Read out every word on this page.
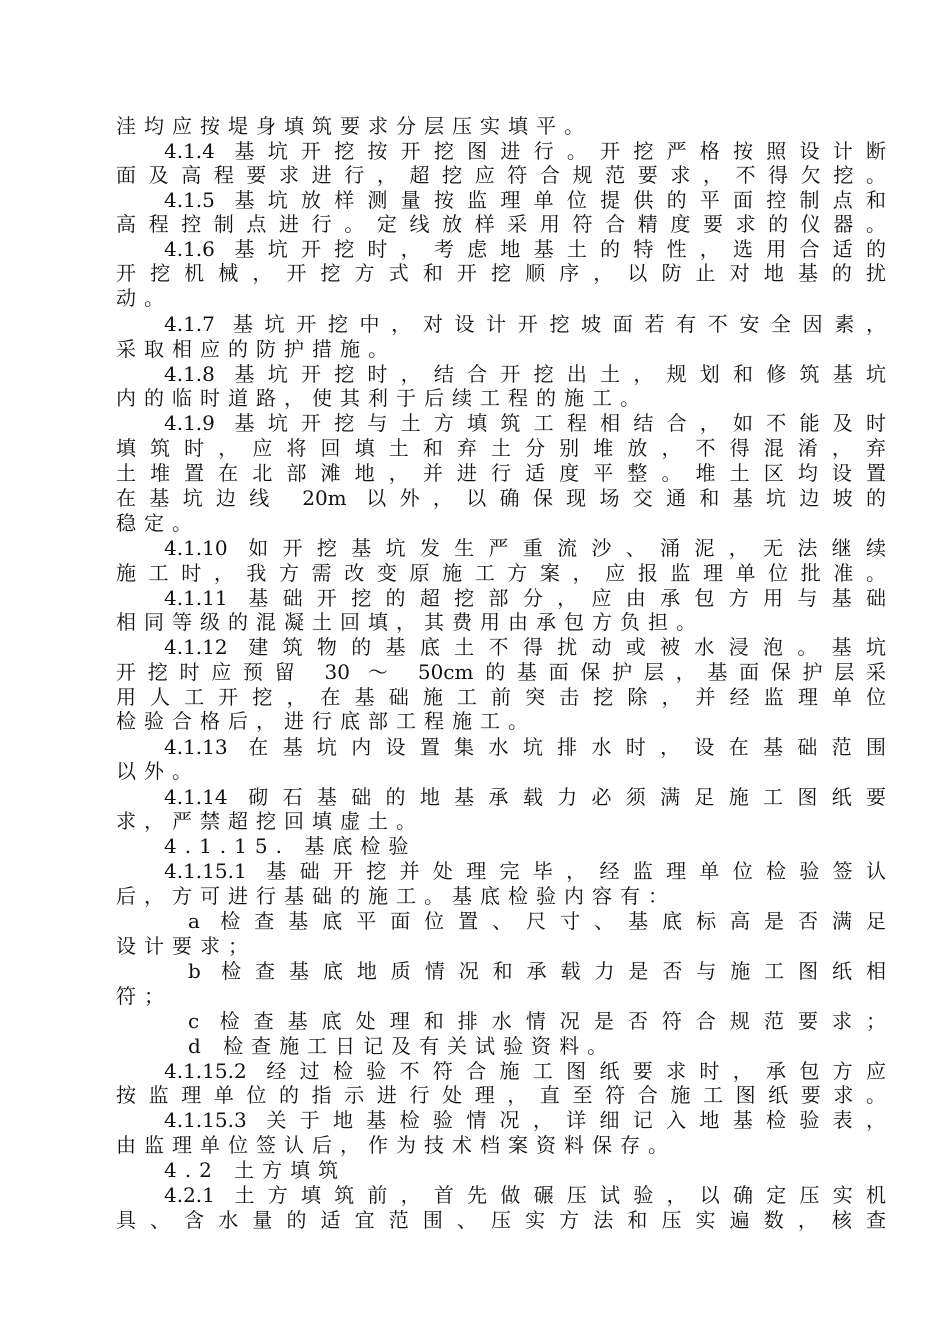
洼均应按堤身填筑要求分层压实填平。
4.1.4 基坑开挖按开挖图进行。开挖严格按照设计断
面及高程要求进行，超挖应符合规范要求，不得欠挖。
4.1.5 基坑放样测量按监理单位提供的平面控制点和
高程控制点进行。定线放样采用符合精度要求的仪器。
4.1.6 基坑开挖时，考虑地基土的特性，选用合适的
开挖机械，开挖方式和开挖顺序，以防止对地基的扰
动。
4.1.7 基坑开挖中，对设计开挖坡面若有不安全因素，
采取相应的防护措施。
4.1.8 基坑开挖时，结合开挖出土，规划和修筑基坑
内的临时道路，使其利于后续工程的施工。
4.1.9 基坑开挖与土方填筑工程相结合，如不能及时
填筑时，应将回填土和弃土分别堆放，不得混淆，弃
土堆置在北部滩地，并进行适度平整。堆土区均设置
在基坑边线 20m 以外，以确保现场交通和基坑边坡的
稳定。
4.1.10 如开挖基坑发生严重流沙、涌泥，无法继续
施工时，我方需改变原施工方案，应报监理单位批准。
4.1.11 基础开挖的超挖部分，应由承包方用与基础
相同等级的混凝土回填，其费用由承包方负担。
4.1.12 建筑物的基底土不得扰动或被水浸泡。基坑
开挖时应预留 30 ～ 50cm的基面保护层，基面保护层采
用人工开挖，在基础施工前突击挖除，并经监理单位
检验合格后，进行底部工程施工。
4.1.13 在基坑内设置集水坑排水时，设在基础范围
以外。
4.1.14 砌石基础的地基承载力必须满足施工图纸要
求，严禁超挖回填虚土。
4.1.15. 基底检验
4.1.15.1 基础开挖并处理完毕，经监理单位检验签认
后，方可进行基础的施工。基底检验内容有：
a 检查基底平面位置、尺寸、基底标高是否满足
设计要求；
b 检查基底地质情况和承载力是否与施工图纸相
符；
c 检查基底处理和排水情况是否符合规范要求；
d 检查施工日记及有关试验资料。
4.1.15.2 经过检验不符合施工图纸要求时，承包方应
按监理单位的指示进行处理，直至符合施工图纸要求。
4.1.15.3 关于地基检验情况，详细记入地基检验表，
由监理单位签认后，作为技术档案资料保存。
4.2 土方填筑
4.2.1 土方填筑前，首先做碾压试验，以确定压实机
具、含水量的适宜范围、压实方法和压实遍数，核查
